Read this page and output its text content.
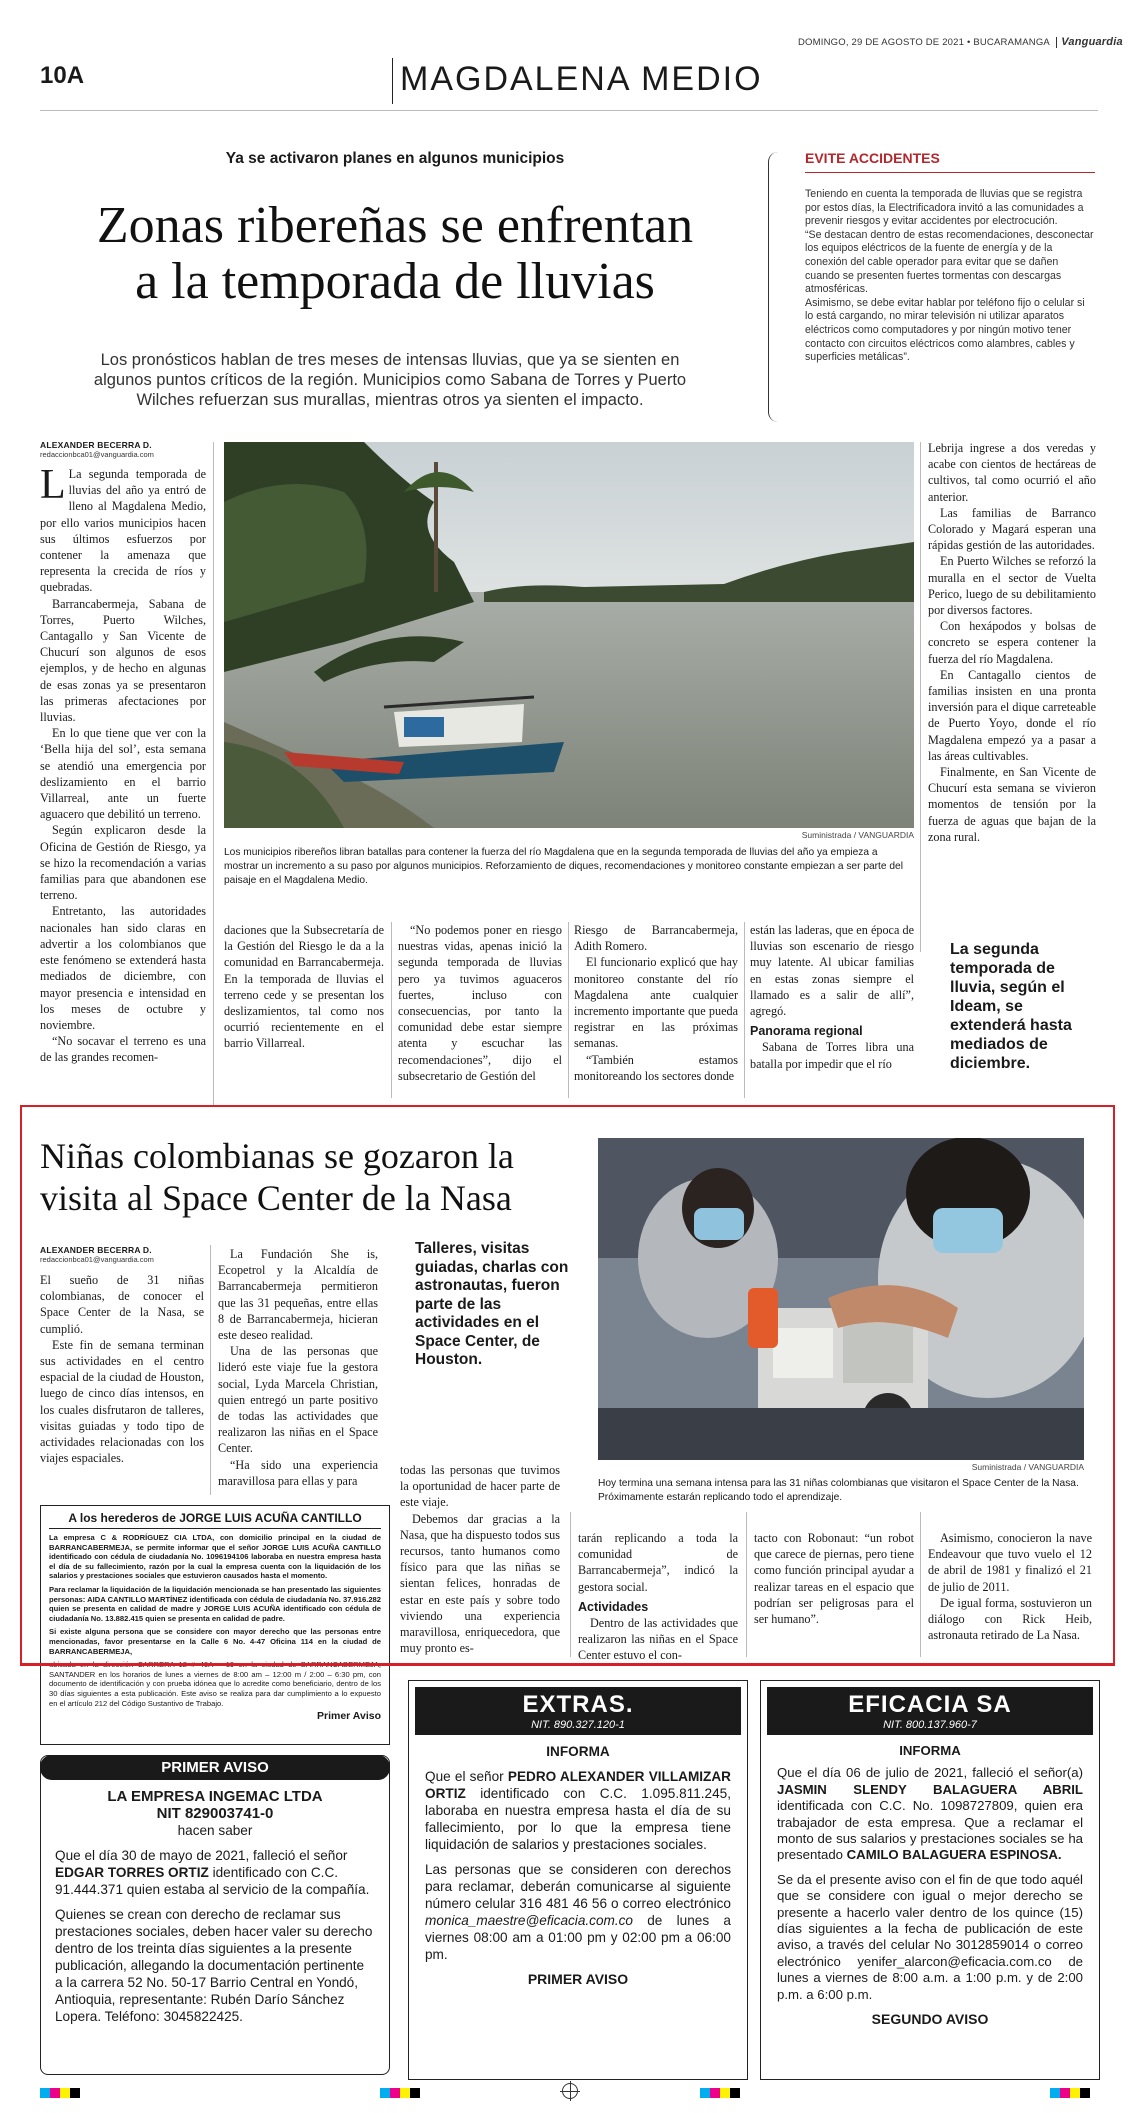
DOMINGO, 29 DE AGOSTO DE 2021 • BUCARAMANGA Vanguardia
10A	MAGDALENA MEDIO
Ya se activaron planes en algunos municipios
Zonas ribereñas se enfrentan
a la temporada de lluvias
Los pronósticos hablan de tres meses de intensas lluvias, que ya se sienten en algunos puntos críticos de la región. Municipios como Sabana de Torres y Puerto Wilches refuerzan sus murallas, mientras otros ya sienten el impacto.
EVITE ACCIDENTES
Teniendo en cuenta la temporada de lluvias que se registra por estos días, la Electrificadora invitó a las comunidades a prevenir riesgos y evitar accidentes por electrocución.
“Se destacan dentro de estas recomendaciones, desconectar los equipos eléctricos de la fuente de energía y de la conexión del cable operador para evitar que se dañen cuando se presenten fuertes tormentas con descargas atmosféricas.
Asimismo, se debe evitar hablar por teléfono fijo o celular si lo está cargando, no mirar televisión ni utilizar aparatos eléctricos como computadores y por ningún motivo tener contacto con circuitos eléctricos como alambres, cables y superficies metálicas”.
ALEXANDER BECERRA D.
redaccionbca01@vanguardia.com

L La segunda temporada de lluvias del año ya entró de lleno al Magdalena Medio, por ello varios municipios hacen sus últimos esfuerzos por contener la amenaza que representa la crecida de ríos y quebradas.

Barrancabermeja, Sabana de Torres, Puerto Wilches, Cantagallo y San Vicente de Chucurí son algunos de esos ejemplos, y de hecho en algunas de esas zonas ya se presentaron las primeras afectaciones por lluvias.

En lo que tiene que ver con la ‘Bella hija del sol’, esta semana se atendió una emergencia por deslizamiento en el barrio Villarreal, ante un fuerte aguacero que debilitó un terreno.

Según explicaron desde la Oficina de Gestión de Riesgo, ya se hizo la recomendación a varias familias para que abandonen ese terreno.

Entretanto, las autoridades nacionales han sido claras en advertir a los colombianos que este fenómeno se extenderá hasta mediados de diciembre, con mayor presencia e intensidad en los meses de octubre y noviembre.

“No socavar el terreno es una de las grandes recomen-

Suministrada / VANGUARDIA
Los municipios ribereños libran batallas para contener la fuerza del río Magdalena que en la segunda temporada de lluvias del año ya empieza a mostrar un incremento a su paso por algunos municipios. Reforzamiento de diques, recomendaciones y monitoreo constante empiezan a ser parte del paisaje en el Magdalena Medio.

Lebrija ingrese a dos veredas y acabe con cientos de hectáreas de cultivos, tal como ocurrió el año anterior.

Las familias de Barranco Colorado y Magará esperan una rápidas gestión de las autoridades.

En Puerto Wilches se reforzó la muralla en el sector de Vuelta Perico, luego de su debilitamiento por diversos factores.

Con hexápodos y bolsas de concreto se espera contener la fuerza del río Magdalena.

En Cantagallo cientos de familias insisten en una pronta inversión para el dique carreteable de Puerto Yoyo, donde el río Magdalena empezó ya a pasar a las áreas cultivables.

Finalmente, en San Vicente de Chucurí esta semana se vivieron momentos de tensión por la fuerza de aguas que bajan de la zona rural.

daciones que la Subsecretaría de la Gestión del Riesgo le da a la comunidad en Barrancabermeja. En la temporada de lluvias el terreno cede y se presentan los deslizamientos, tal como nos ocurrió recientemente en el barrio Villarreal.

“No podemos poner en riesgo nuestras vidas, apenas inició la segunda temporada de lluvias pero ya tuvimos aguaceros fuertes, incluso con consecuencias, por tanto la comunidad debe estar siempre atenta y escuchar las recomendaciones”, dijo el subsecretario de Gestión del

Riesgo de Barrancabermeja, Adith Romero.

El funcionario explicó que hay monitoreo constante del río Magdalena ante cualquier incremento importante que pueda registrar en las próximas semanas.

“También estamos monitoreando los sectores donde

están las laderas, que en época de lluvias son escenario de riesgo muy latente. Al ubicar familias en estas zonas siempre el llamado es a salir de allí”, agregó.

Panorama regional

Sabana de Torres libra una batalla por impedir que el río

La segunda temporada de lluvia, según el Ideam, se extenderá hasta mediados de diciembre.
Niñas colombianas se gozaron la
visita al Space Center de la Nasa
ALEXANDER BECERRA D.
redaccionbca01@vanguardia.com

El sueño de 31 niñas colombianas, de conocer el Space Center de la Nasa, se cumplió.

Este fin de semana terminan sus actividades en el centro espacial de la ciudad de Houston, luego de cinco días intensos, en los cuales disfrutaron de talleres, visitas guiadas y todo tipo de actividades relacionadas con los viajes espaciales.

La Fundación She is, Ecopetrol y la Alcaldía de Barrancabermeja permitieron que las 31 pequeñas, entre ellas 8 de Barrancabermeja, hicieran este deseo realidad.

Una de las personas que lideró este viaje fue la gestora social, Lyda Marcela Christian, quien entregó un parte positivo de todas las actividades que realizaron las niñas en el Space Center.

“Ha sido una experiencia maravillosa para ellas y para

Talleres, visitas guiadas, charlas con astronautas, fueron parte de las actividades en el Space Center, de Houston.
Suministrada / VANGUARDIA
Hoy termina una semana intensa para las 31 niñas colombianas que visitaron el Space Center de la Nasa. Próximamente estarán replicando todo el aprendizaje.

todas las personas que tuvimos la oportunidad de hacer parte de este viaje.

Debemos dar gracias a la Nasa, que ha dispuesto todos sus recursos, tanto humanos como físico para que las niñas se sientan felices, honradas de estar en este país y sobre todo viviendo una experiencia maravillosa, enriquecedora, que muy pronto es-

tarán replicando a toda la comunidad de Barrancabermeja”, indicó la gestora social.

Actividades

Dentro de las actividades que realizaron las niñas en el Space Center estuvo el con-

tacto con Robonaut: “un robot que carece de piernas, pero tiene como función principal ayudar a realizar tareas en el espacio que podrían ser peligrosas para el ser humano”.

Asimismo, conocieron la nave Endeavour que tuvo vuelo el 12 de abril de 1981 y finalizó el 21 de julio de 2011.

De igual forma, sostuvieron un diálogo con Rick Heib, astronauta retirado de La Nasa.

A los herederos de JORGE LUIS ACUÑA CANTILLO

La empresa C & RODRÍGUEZ CIA LTDA, con domicilio principal en la ciudad de BARRANCABERMEJA, se permite informar que el señor JORGE LUIS ACUÑA CANTILLO identificado con cédula de ciudadanía No. 1096194106 laboraba en nuestra empresa hasta el día de su fallecimiento, razón por la cual la empresa cuenta con la liquidación de los salarios y prestaciones sociales que estuvieron causados hasta el momento.

Para reclamar la liquidación de la liquidación mencionada se han presentado las siguientes personas: AIDA CANTILLO MARTÍNEZ identificada con cédula de ciudadanía No. 37.916.282 quien se presenta en calidad de madre y JORGE LUIS ACUÑA identificado con cédula de ciudadanía No. 13.882.415 quien se presenta en calidad de padre.

Si existe alguna persona que se considere con mayor derecho que las personas entre mencionadas, favor presentarse en la Calle 6 No. 4-47 Oficina 114 en la ciudad de BARRANCABERMEJA,

SANTANDER en los horarios de lunes a viernes de 8:00 am – 12:00 m / 2:00 – 6:30 pm, con documento de identificación y con prueba idónea que lo acredite como beneficiario, dentro de los 30 días siguientes a esta publicación. Este aviso se realiza para dar cumplimiento a lo expuesto en el artículo 212 del Código Sustantivo de Trabajo.

Primer Aviso
PRIMER AVISO
LA EMPRESA INGEMAC LTDA
NIT 829003741-0
hacen saber

Que el día 30 de mayo de 2021, falleció el señor EDGAR TORRES ORTIZ identificado con C.C. 91.444.371 quien estaba al servicio de la compañía.

Quienes se crean con derecho de reclamar sus prestaciones sociales, deben hacer valer su derecho dentro de los treinta días siguientes a la presente publicación, allegando la documentación pertinente a la carrera 52 No. 50-17 Barrio Central en Yondó, Antioquia, representante: Rubén Darío Sánchez Lopera. Teléfono: 3045822425.

EXTRAS.
NIT. 890.327.120-1
INFORMA

Que el señor PEDRO ALEXANDER VILLAMIZAR ORTIZ identificado con C.C. 1.095.811.245, laboraba en nuestra empresa hasta el día de su fallecimiento, por lo que la empresa tiene liquidación de salarios y prestaciones sociales.

Las personas que se consideren con derechos para reclamar, deberán comunicarse al siguiente número celular 316 481 46 56 o correo electrónico monica_maestre@eficacia.com.co de lunes a viernes 08:00 am a 01:00 pm y 02:00 pm a 06:00 pm.

PRIMER AVISO
EFICACIA SA
NIT. 800.137.960-7
INFORMA

Que el día 06 de julio de 2021, falleció el señor(a) JASMIN SLENDY BALAGUERA ABRIL identificada con C.C. No. 1098727809, quien era trabajador de esta empresa. Que a reclamar el monto de sus salarios y prestaciones sociales se ha presentado CAMILO BALAGUERA ESPINOSA.

Se da el presente aviso con el fin de que todo aquél que se considere con igual o mejor derecho se presente a hacerlo valer dentro de los quince (15) días siguientes a la fecha de publicación de este aviso, a través del celular No 3012859014 o correo electrónico yenifer_alarcon@eficacia.com.co de lunes a viernes de 8:00 a.m. a 1:00 p.m. y de 2:00 p.m. a 6:00 p.m.

SEGUNDO AVISO
